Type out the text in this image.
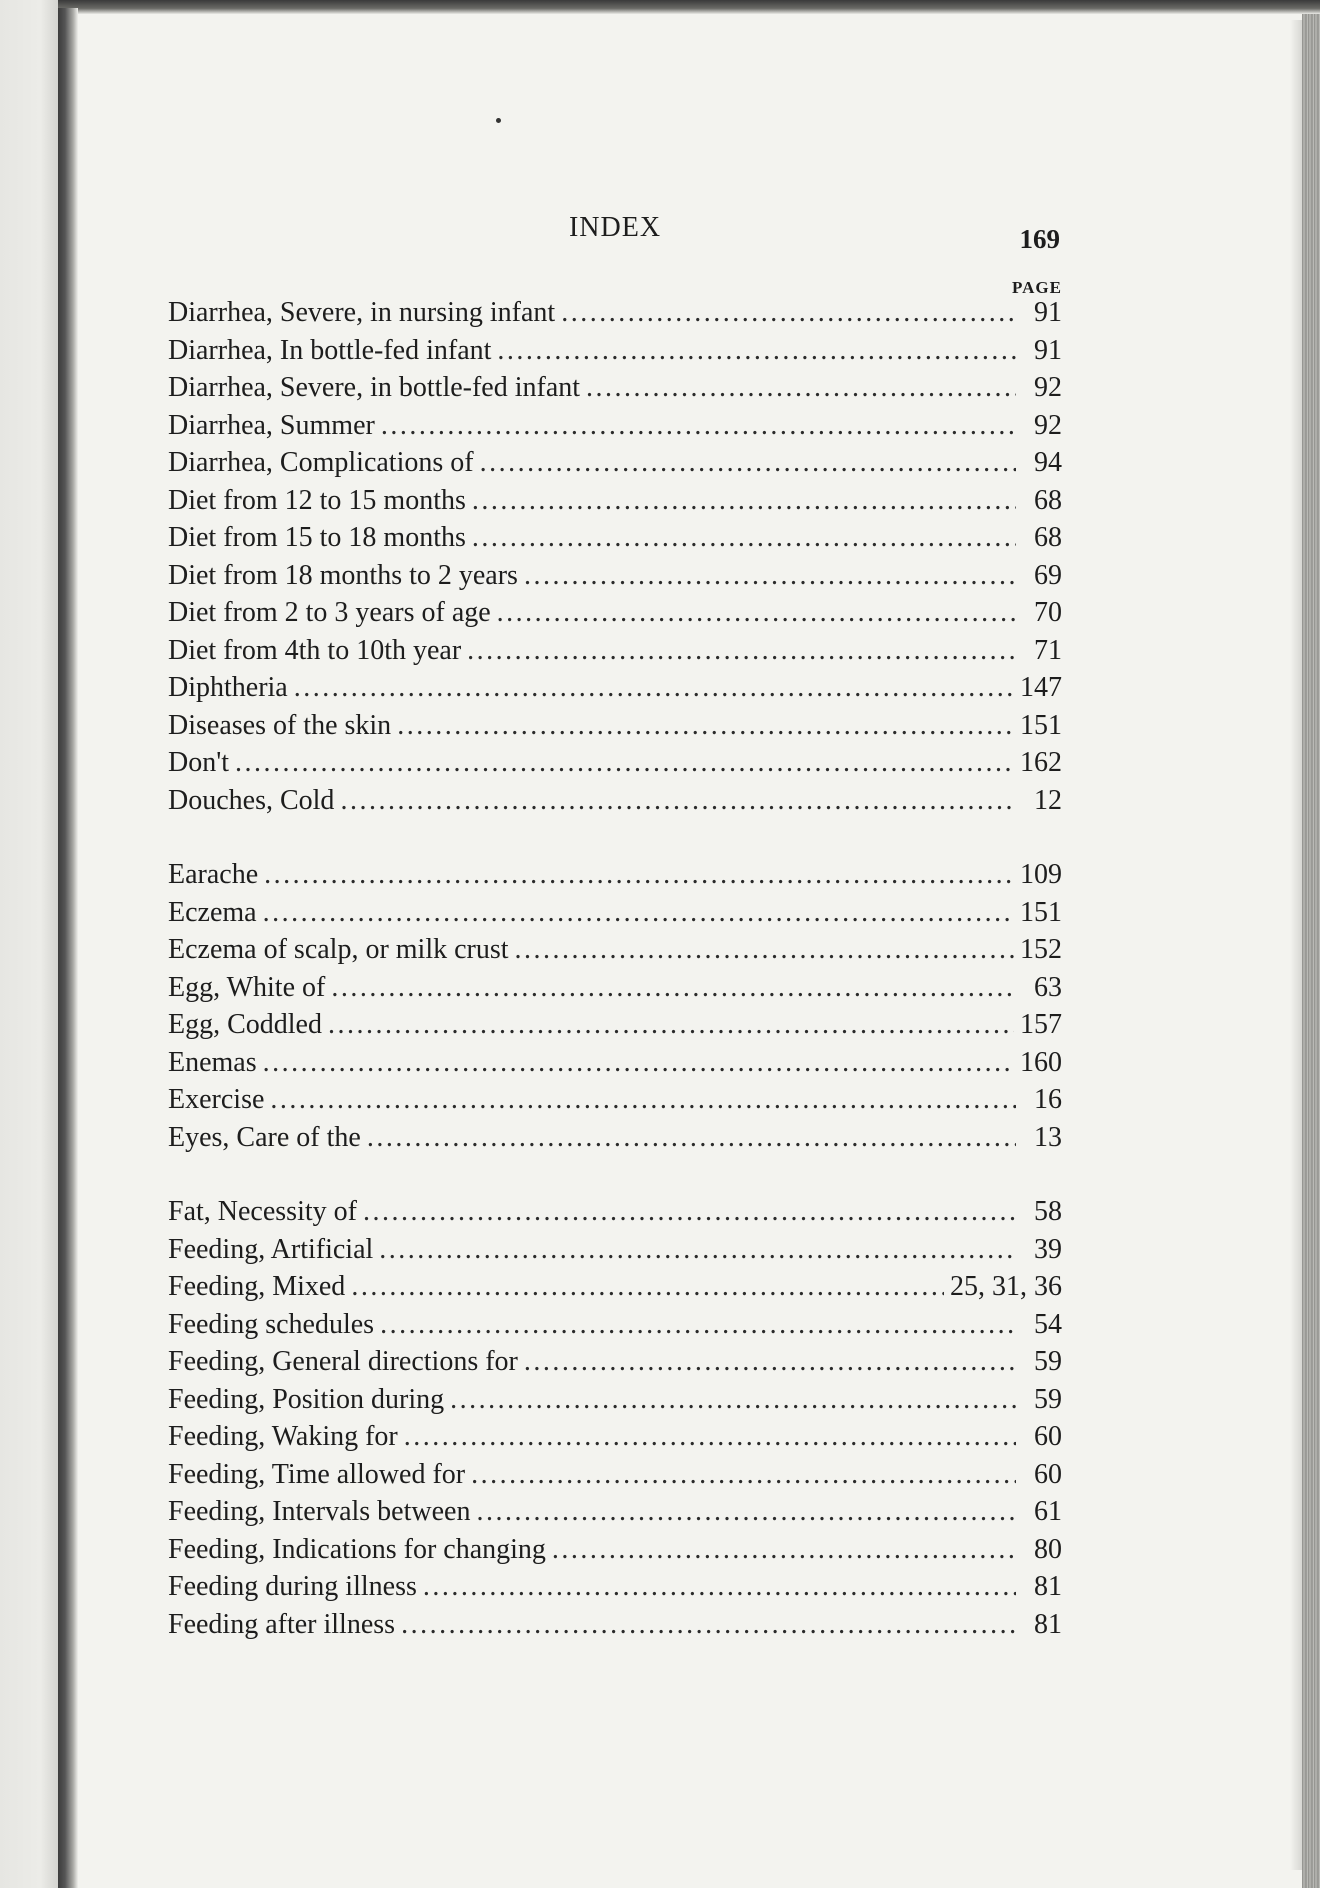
INDEX	169
PAGE
Diarrhea, Severe, in nursing infant .....	91
Diarrhea, In bottle-fed infant .....	91
Diarrhea, Severe, in bottle-fed infant .....	92
Diarrhea, Summer .....	92
Diarrhea, Complications of .....	94
Diet from 12 to 15 months .....	68
Diet from 15 to 18 months .....	68
Diet from 18 months to 2 years .....	69
Diet from 2 to 3 years of age .....	70
Diet from 4th to 10th year .....	71
Diphtheria .....	147
Diseases of the skin .....	151
Don't .....	162
Douches, Cold .....	12
Earache .....	109
Eczema .....	151
Eczema of scalp, or milk crust .....	152
Egg, White of .....	63
Egg, Coddled .....	157
Enemas .....	160
Exercise .....	16
Eyes, Care of the .....	13
Fat, Necessity of .....	58
Feeding, Artificial .....	39
Feeding, Mixed .....	25, 31, 36
Feeding schedules .....	54
Feeding, General directions for .....	59
Feeding, Position during .....	59
Feeding, Waking for .....	60
Feeding, Time allowed for .....	60
Feeding, Intervals between .....	61
Feeding, Indications for changing .....	80
Feeding during illness .....	81
Feeding after illness .....	81
